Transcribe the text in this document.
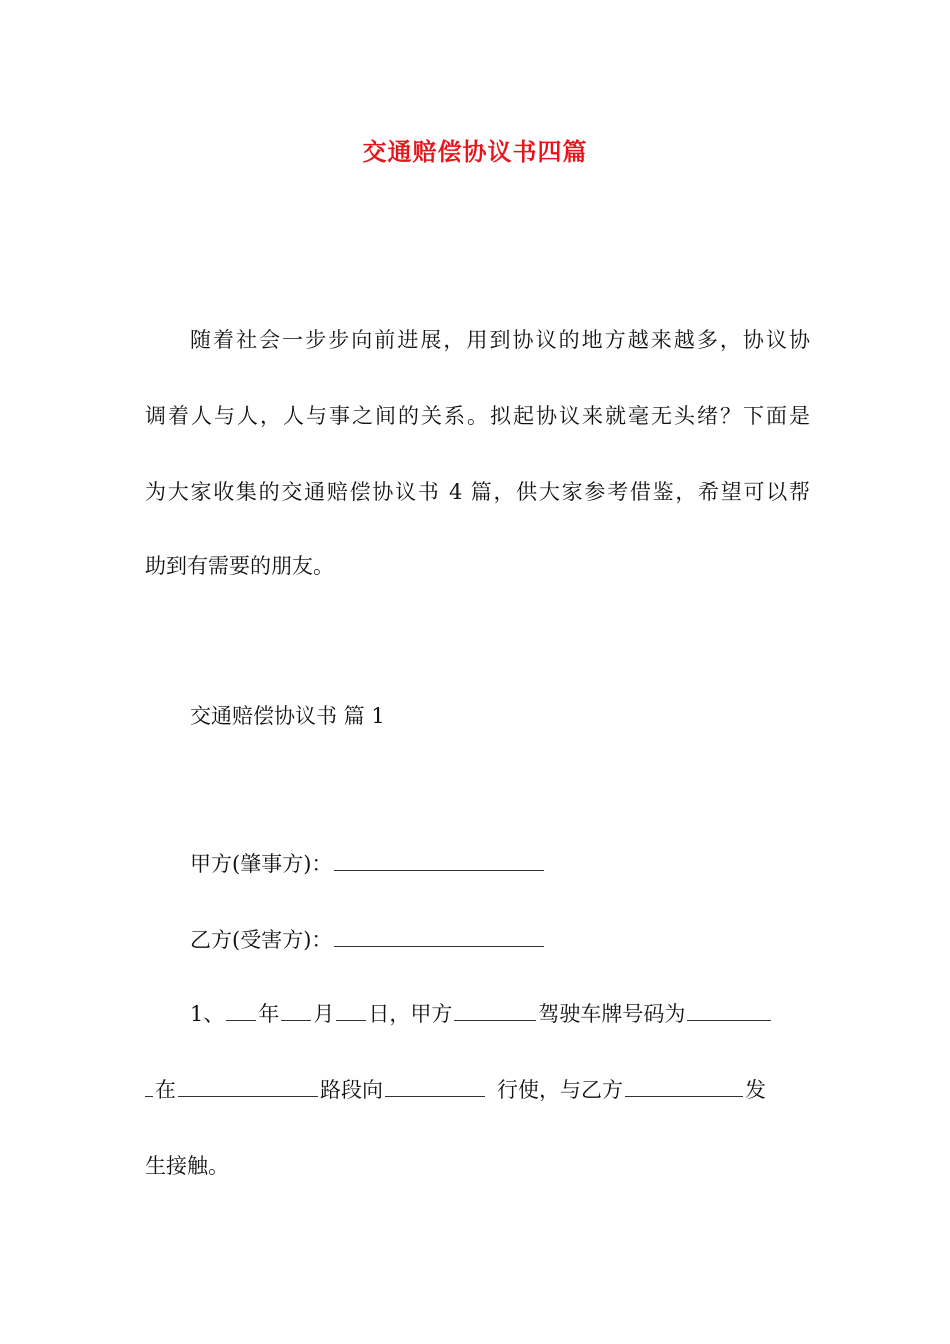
交通赔偿协议书四篇
随着社会一步步向前进展，用到协议的地方越来越多，协议协
调着人与人，人与事之间的关系。拟起协议来就毫无头绪？下面是
为大家收集的交通赔偿协议书 4 篇，供大家参考借鉴，希望可以帮
助到有需要的朋友。
交通赔偿协议书 篇 1
甲方(肇事方)：
乙方(受害方)：
1、 年 月 日，甲方	驾驶车牌号码为
在	路段向	行使，与乙方	发
生接触。
